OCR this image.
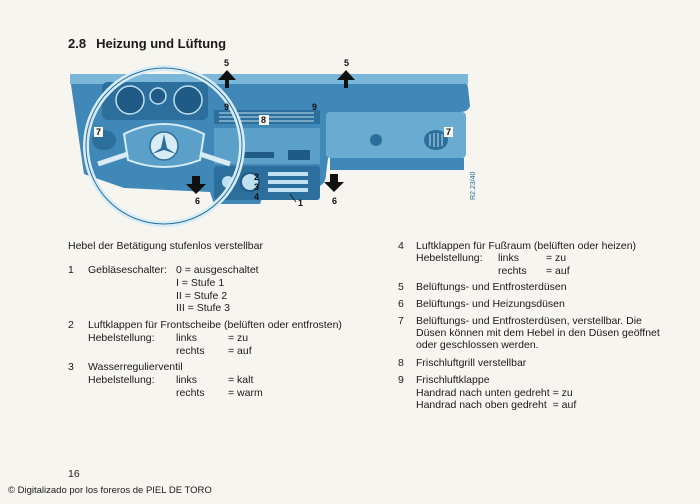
2.8 Heizung und Lüftung
5	5
9	9
8
7	7
6	6
2
3
4
1
R2.23/40
Hebel der Betätigung stufenlos verstellbar
1 Gebläseschalter: 0 = ausgeschaltet
I = Stufe 1
II = Stufe 2
III = Stufe 3
2 Luftklappen für Frontscheibe (belüften oder entfrosten)
Hebelstellung: links	= zu
rechts = auf
3 Wasserregulierventil
Hebelstellung: links	= kalt
rechts = warm
4 Luftklappen für Fußraum (belüften oder heizen)
Hebelstellung: links	= zu
rechts = auf
5 Belüftungs- und Entfrosterdüsen
6 Belüftungs- und Heizungsdüsen
7 Belüftungs- und Entfrosterdüsen, verstellbar. Die
Düsen können mit dem Hebel in den Düsen geöffnet
oder geschlossen werden.
8 Frischluftgrill verstellbar
9 Frischluftklappe
Handrad nach unten gedreht = zu
Handrad nach oben gedreht  = auf
16
© Digitalizado por los foreros de PIEL DE TORO
